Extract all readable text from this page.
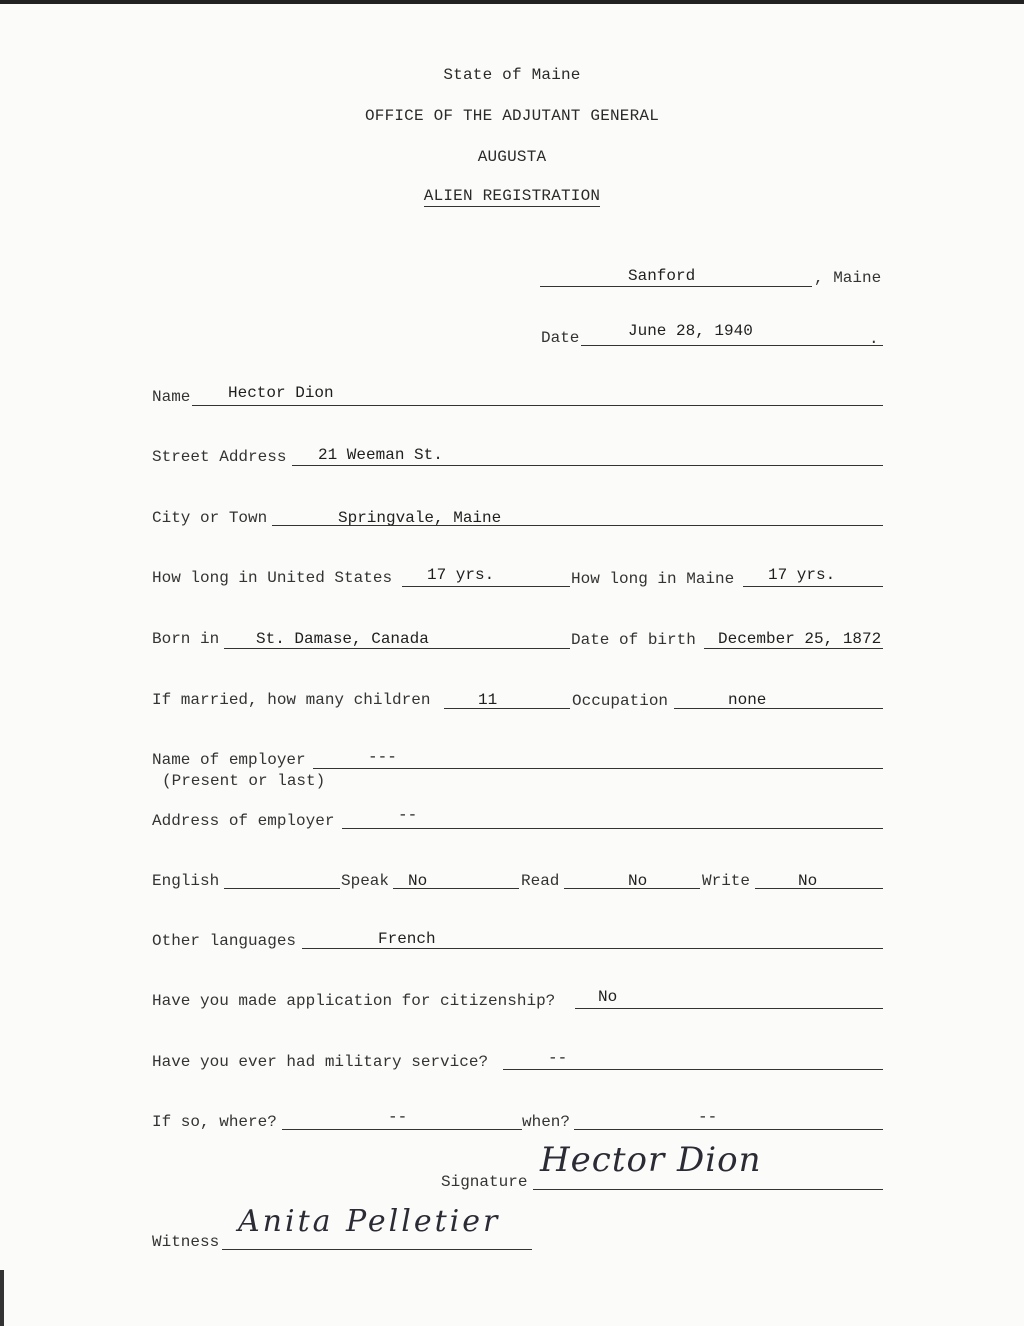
State of Maine
OFFICE OF THE ADJUTANT GENERAL
AUGUSTA
ALIEN REGISTRATION
Sanford	, Maine
Date	June 28, 1940	.
Name Hector Dion
Street Address 21 Weeman St.
City or Town	Springvale, Maine
How long in United States 17 yrs.	How long in Maine 17 yrs.
Born in St. Damase, Canada	Date of birth December 25, 1872
If married, how many children	11	Occupation	none
Name of employer
(Present or last)
---
Address of employer	--
English	Speak No	Read	No	Write	No
Other languages	French
Have you made application for citizenship?	No
Have you ever had military service?	--
If so, where?	--	when?	--
Signature
Hector Dion
Witness
Anita Pelletier
